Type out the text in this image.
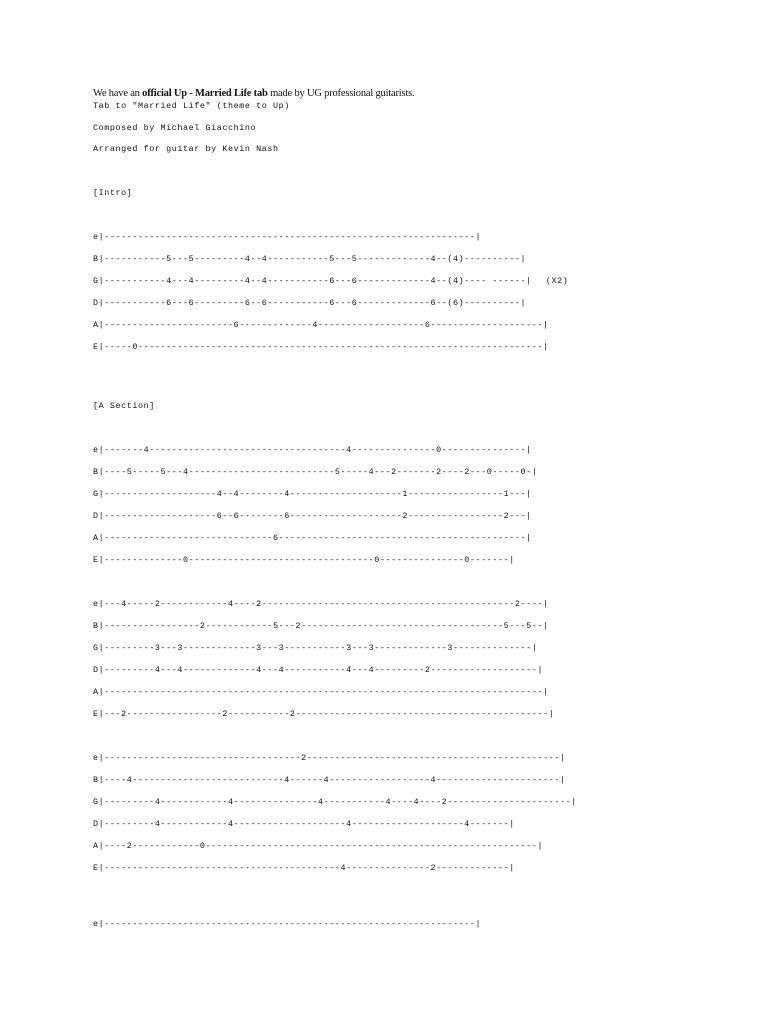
We have an official Up - Married Life tab made by UG professional guitarists.
Tab to "Married Life" (theme to Up)
Composed by Michael Giacchino
Arranged for guitar by Kevin Nash
[Intro]
e|------------------------------------------------------------------|
B|-----------5---5---------4--4-----------5---5-------------4--(4)----------|
G|-----------4---4---------4--4-----------6---6-------------4--(4)---- ------| (X2)
D|-----------6---6---------6--6-----------6---6-------------6--(6)----------|
A|-----------------------6-------------4-------------------6--------------------|
E|-----0------------------------------------------------------------------------|
[A Section]
e|-------4-----------------------------------4---------------0---------------|
B|----5-----5---4--------------------------5-----4---2-------2----2---0-----0-|
G|--------------------4--4--------4--------------------1-----------------1---|
D|--------------------6--6--------6--------------------2-----------------2---|
A|------------------------------6--------------------------------------------|
E|--------------0---------------------------------0---------------0-------|
e|---4-----2------------4----2---------------------------------------------2----|
B|-----------------2------------5---2------------------------------------5---5--|
G|---------3---3-------------3---3-----------3---3-------------3--------------|
D|---------4---4-------------4---4-----------4---4---------2-------------------|
A|------------------------------------------------------------------------------|
E|---2-----------------2-----------2---------------------------------------------|
e|-----------------------------------2---------------------------------------------|
B|----4---------------------------4------4------------------4----------------------|
G|---------4------------4---------------4-----------4----4----2----------------------|
D|---------4------------4--------------------4--------------------4-------|
A|----2------------0-----------------------------------------------------------|
E|------------------------------------------4---------------2-------------|
e|------------------------------------------------------------------|
